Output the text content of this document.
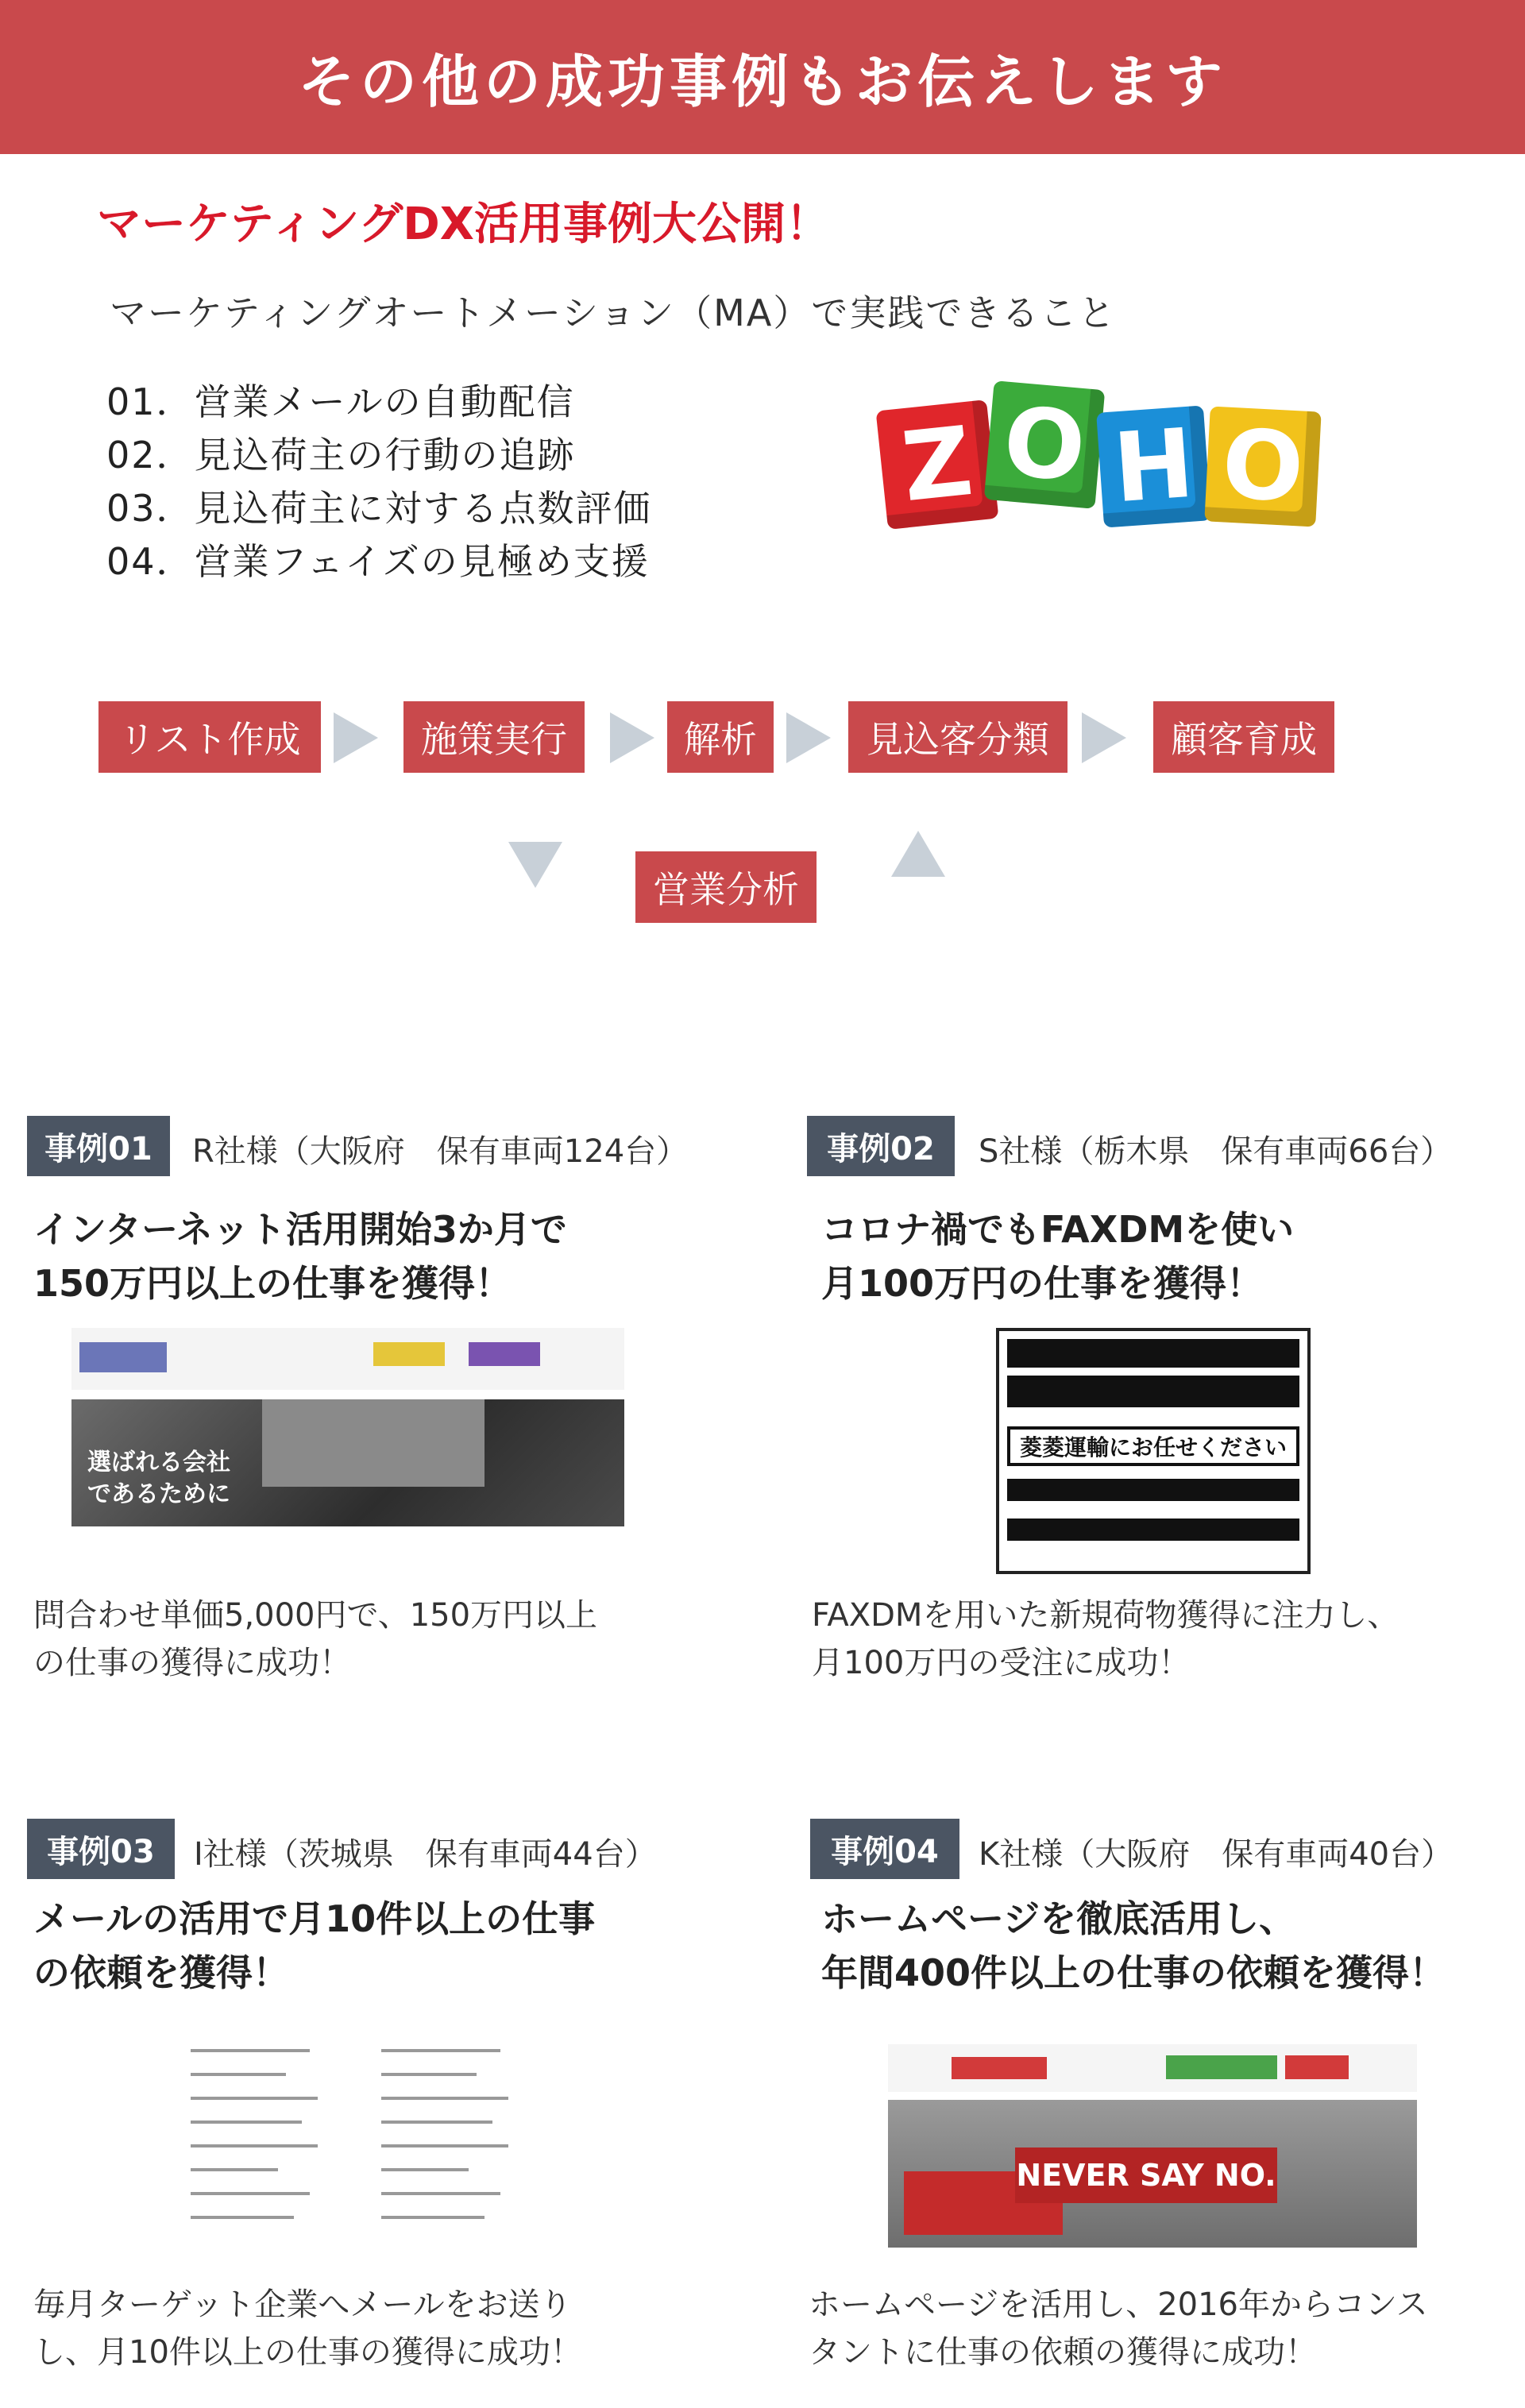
その他の成功事例もお伝えします
マーケティングDX活用事例大公開！
マーケティングオートメーション（MA）で実践できること
01．営業メールの自動配信
02．見込荷主の行動の追跡
03．見込荷主に対する点数評価
04．営業フェイズの見極め支援
Z O H O
リスト作成	施策実行	解析	見込客分類	顧客育成
営業分析
事例01	R社様（大阪府　保有車両124台）
インターネット活用開始3か月で
150万円以上の仕事を獲得！
選ばれる会社
であるために
問合わせ単価5,000円で、150万円以上
の仕事の獲得に成功！
事例02	S社様（栃木県　保有車両66台）
コロナ禍でもFAXDMを使い
月100万円の仕事を獲得！
菱菱運輸にお任せください
FAXDMを用いた新規荷物獲得に注力し、
月100万円の受注に成功！
事例03	I社様（茨城県　保有車両44台）
メールの活用で月10件以上の仕事
の依頼を獲得！
毎月ターゲット企業へメールをお送り
し、月10件以上の仕事の獲得に成功！
事例04	K社様（大阪府　保有車両40台）
ホームページを徹底活用し、
年間400件以上の仕事の依頼を獲得！
NEVER SAY NO.
ホームページを活用し、2016年からコンス
タントに仕事の依頼の獲得に成功！
